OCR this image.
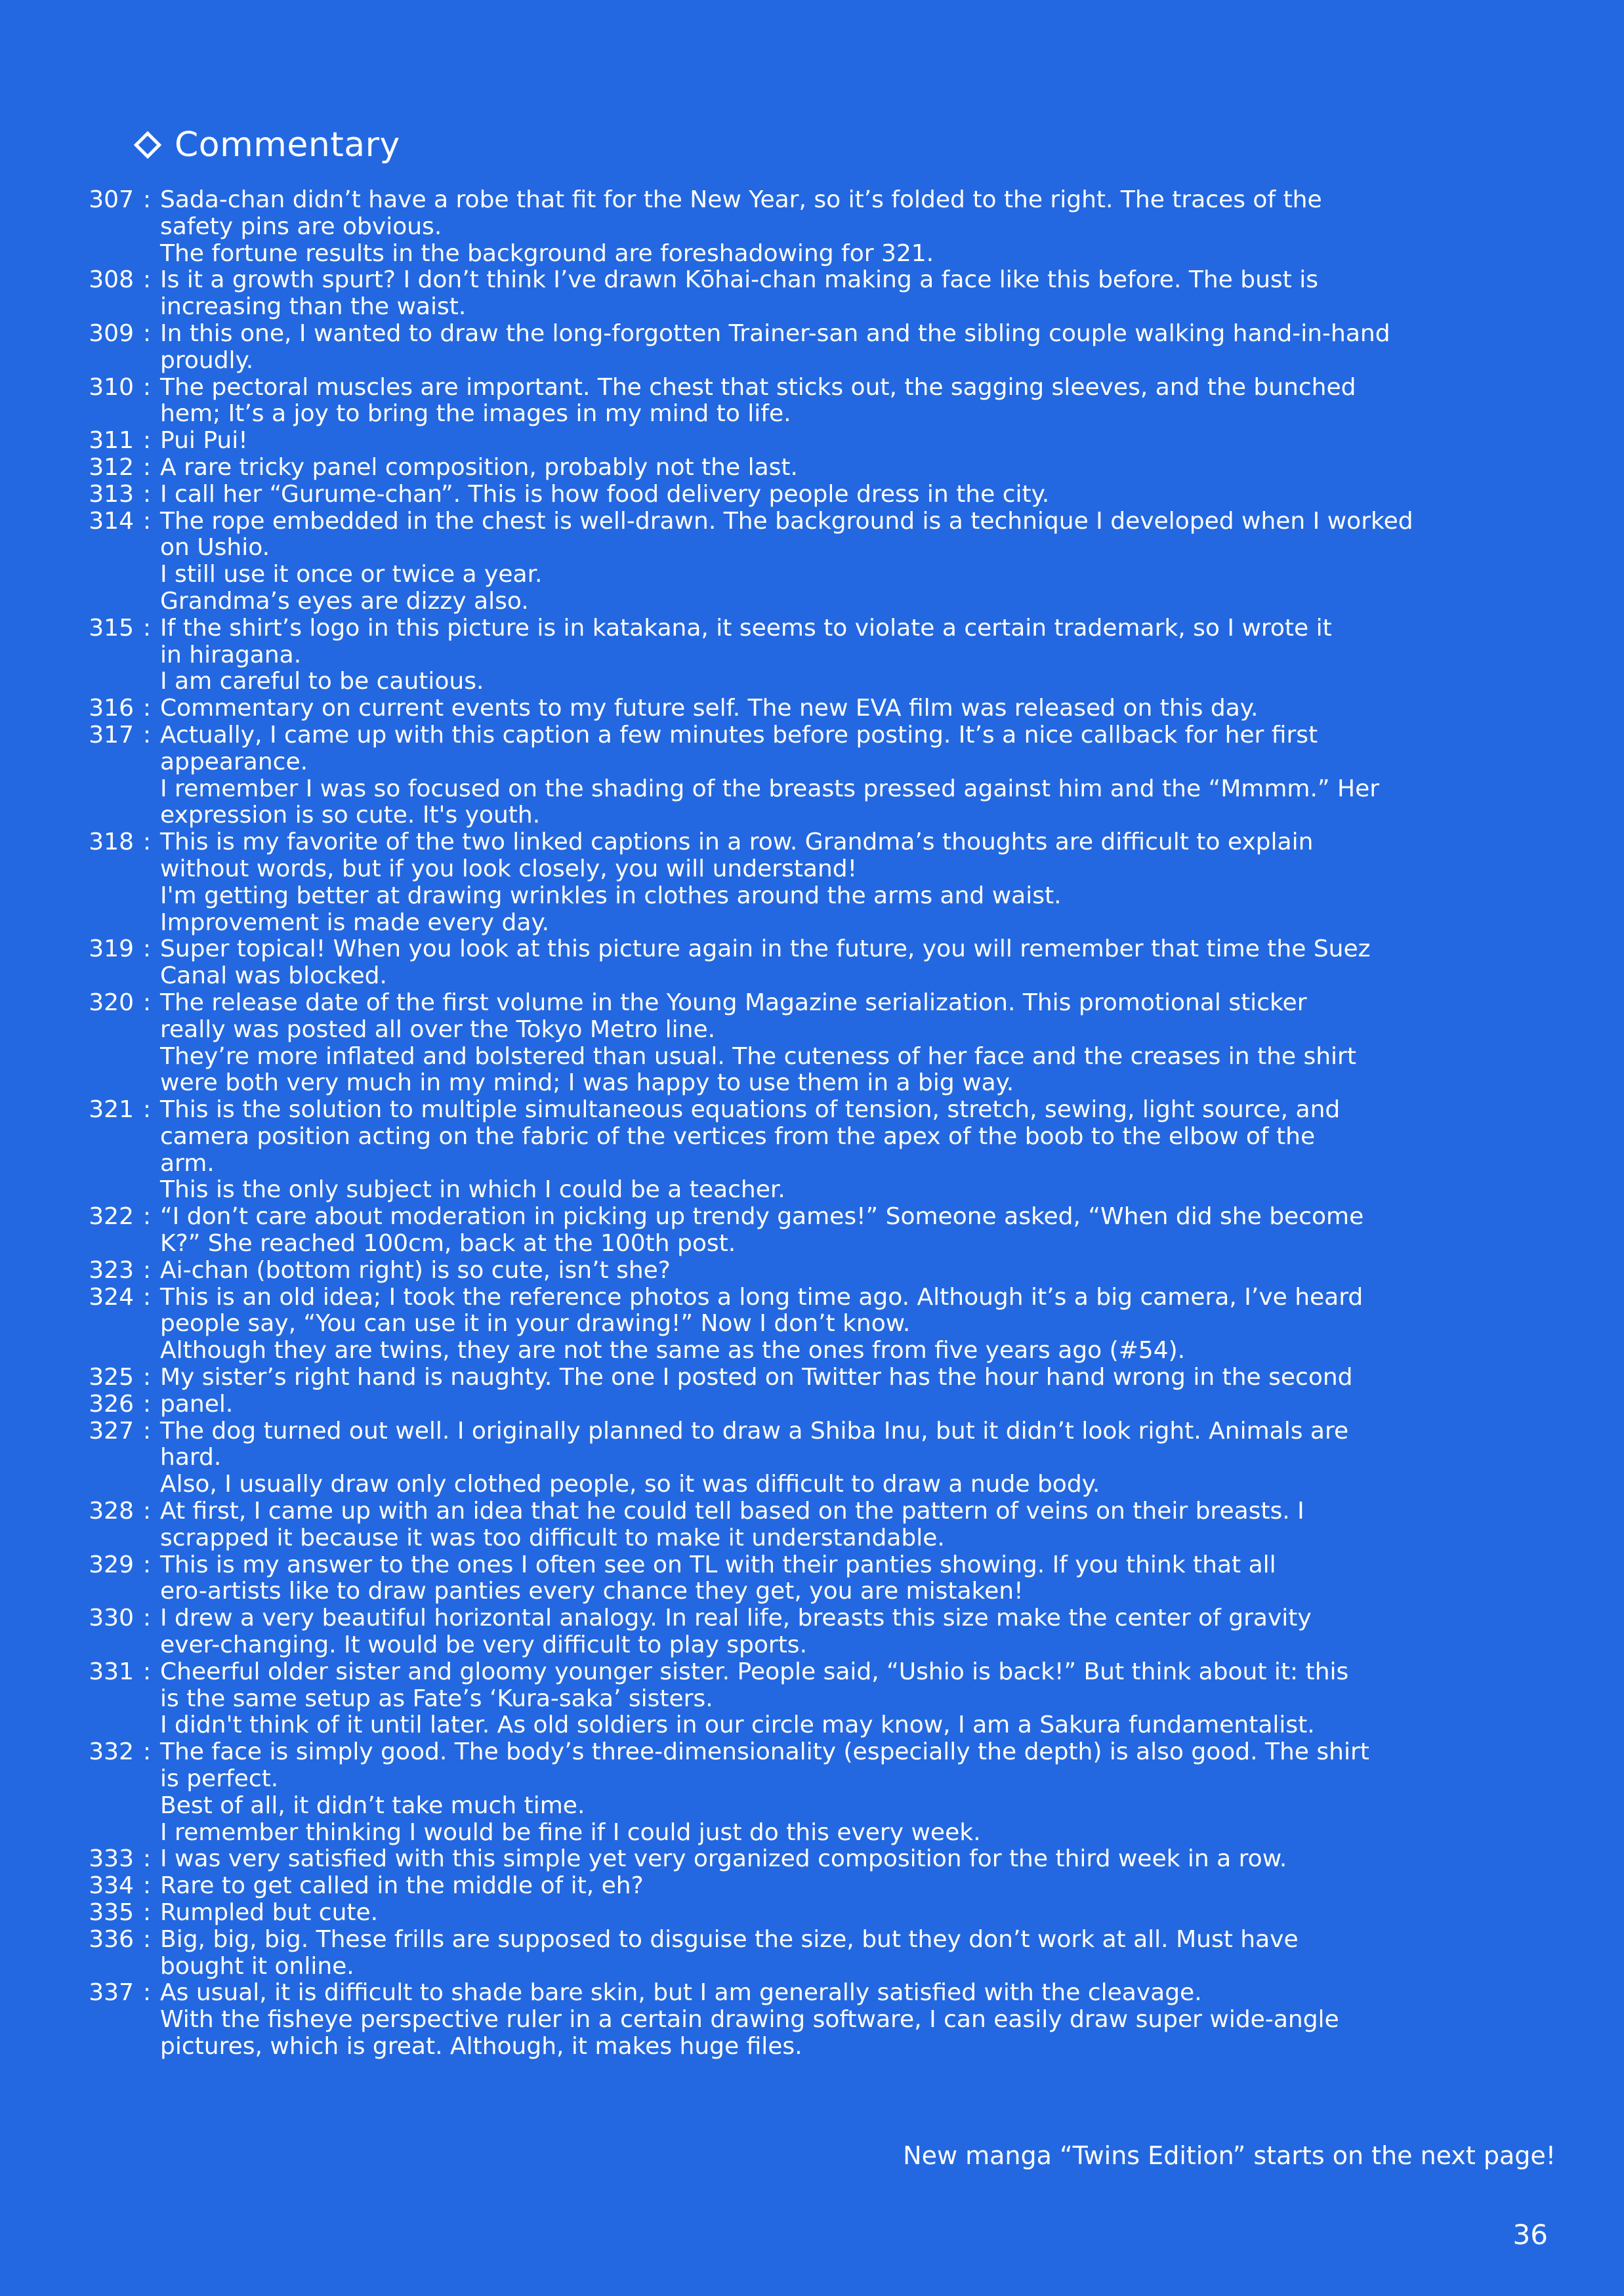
Commentary
307 : Sada-chan didn’t have a robe that fit for the New Year, so it’s folded to the right. The traces of the
safety pins are obvious.
The fortune results in the background are foreshadowing for 321.
308 : Is it a growth spurt? I don’t think I’ve drawn Kōhai-chan making a face like this before. The bust is
increasing than the waist.
309 : In this one, I wanted to draw the long-forgotten Trainer-san and the sibling couple walking hand-in-hand
proudly.
310 : The pectoral muscles are important. The chest that sticks out, the sagging sleeves, and the bunched
hem; It’s a joy to bring the images in my mind to life.
311 : Pui Pui!
312 : A rare tricky panel composition, probably not the last.
313 : I call her “Gurume-chan”. This is how food delivery people dress in the city.
314 : The rope embedded in the chest is well-drawn. The background is a technique I developed when I worked
on Ushio.
I still use it once or twice a year.
Grandma’s eyes are dizzy also.
315 : If the shirt’s logo in this picture is in katakana, it seems to violate a certain trademark, so I wrote it
in hiragana.
I am careful to be cautious.
316 : Commentary on current events to my future self. The new EVA film was released on this day.
317 : Actually, I came up with this caption a few minutes before posting. It’s a nice callback for her first
appearance.
I remember I was so focused on the shading of the breasts pressed against him and the “Mmmm.” Her
expression is so cute. It's youth.
318 : This is my favorite of the two linked captions in a row. Grandma’s thoughts are difficult to explain
without words, but if you look closely, you will understand!
I'm getting better at drawing wrinkles in clothes around the arms and waist.
Improvement is made every day.
319 : Super topical! When you look at this picture again in the future, you will remember that time the Suez
Canal was blocked.
320 : The release date of the first volume in the Young Magazine serialization. This promotional sticker
really was posted all over the Tokyo Metro line.
They’re more inflated and bolstered than usual. The cuteness of her face and the creases in the shirt
were both very much in my mind; I was happy to use them in a big way.
321 : This is the solution to multiple simultaneous equations of tension, stretch, sewing, light source, and
camera position acting on the fabric of the vertices from the apex of the boob to the elbow of the
arm.
This is the only subject in which I could be a teacher.
322 : “I don’t care about moderation in picking up trendy games!” Someone asked, “When did she become
K?” She reached 100cm, back at the 100th post.
323 : Ai-chan (bottom right) is so cute, isn’t she?
324 : This is an old idea; I took the reference photos a long time ago. Although it’s a big camera, I’ve heard
people say, “You can use it in your drawing!” Now I don’t know.
Although they are twins, they are not the same as the ones from five years ago (#54).
325 : My sister’s right hand is naughty. The one I posted on Twitter has the hour hand wrong in the second
326 : panel.
327 : The dog turned out well. I originally planned to draw a Shiba Inu, but it didn’t look right. Animals are
hard.
Also, I usually draw only clothed people, so it was difficult to draw a nude body.
328 : At first, I came up with an idea that he could tell based on the pattern of veins on their breasts. I
scrapped it because it was too difficult to make it understandable.
329 : This is my answer to the ones I often see on TL with their panties showing. If you think that all
ero-artists like to draw panties every chance they get, you are mistaken!
330 : I drew a very beautiful horizontal analogy. In real life, breasts this size make the center of gravity
ever-changing. It would be very difficult to play sports.
331 : Cheerful older sister and gloomy younger sister. People said, “Ushio is back!” But think about it: this
is the same setup as Fate’s ‘Kura-saka’ sisters.
I didn't think of it until later. As old soldiers in our circle may know, I am a Sakura fundamentalist.
332 : The face is simply good. The body’s three-dimensionality (especially the depth) is also good. The shirt
is perfect.
Best of all, it didn’t take much time.
I remember thinking I would be fine if I could just do this every week.
333 : I was very satisfied with this simple yet very organized composition for the third week in a row.
334 : Rare to get called in the middle of it, eh?
335 : Rumpled but cute.
336 : Big, big, big. These frills are supposed to disguise the size, but they don’t work at all. Must have
bought it online.
337 : As usual, it is difficult to shade bare skin, but I am generally satisfied with the cleavage.
With the fisheye perspective ruler in a certain drawing software, I can easily draw super wide-angle
pictures, which is great. Although, it makes huge files.
New manga “Twins Edition” starts on the next page!
36
